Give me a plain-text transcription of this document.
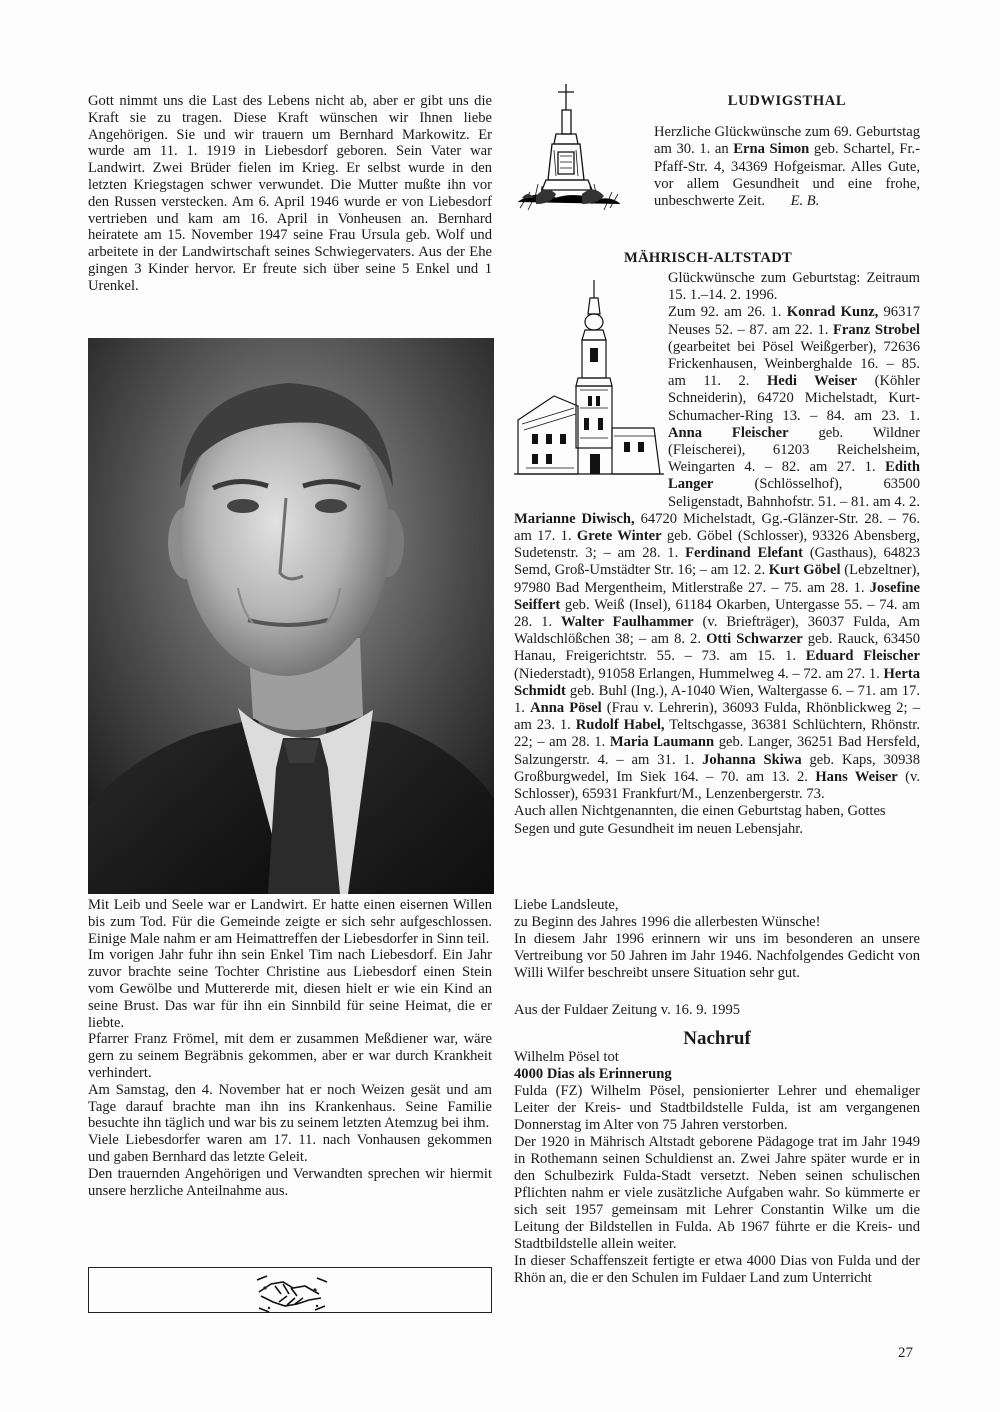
Gott nimmt uns die Last des Lebens nicht ab, aber er gibt uns die Kraft sie zu tragen. Diese Kraft wünschen wir Ihnen liebe Angehörigen. Sie und wir trauern um Bernhard Markowitz. Er wurde am 11. 1. 1919 in Liebesdorf geboren. Sein Vater war Landwirt. Zwei Brüder fielen im Krieg. Er selbst wurde in den letzten Kriegstagen schwer verwundet. Die Mutter mußte ihn vor den Russen verstecken. Am 6. April 1946 wurde er von Liebesdorf vertrieben und kam am 16. April in Vonheusen an. Bernhard heiratete am 15. November 1947 seine Frau Ursula geb. Wolf und arbeitete in der Landwirtschaft seines Schwiegervaters. Aus der Ehe gingen 3 Kinder hervor. Er freute sich über seine 5 Enkel und 1 Urenkel.

Mit Leib und Seele war er Landwirt. Er hatte einen eisernen Willen bis zum Tod. Für die Gemeinde zeigte er sich sehr aufgeschlossen. Einige Male nahm er am Heimattreffen der Liebesdorfer in Sinn teil.

Im vorigen Jahr fuhr ihn sein Enkel Tim nach Liebesdorf. Ein Jahr zuvor brachte seine Tochter Christine aus Liebesdorf einen Stein vom Gewölbe und Muttererde mit, diesen hielt er wie ein Kind an seine Brust. Das war für ihn ein Sinnbild für seine Heimat, die er liebte.

Pfarrer Franz Frömel, mit dem er zusammen Meßdiener war, wäre gern zu seinem Begräbnis gekommen, aber er war durch Krankheit verhindert.

Am Samstag, den 4. November hat er noch Weizen gesät und am Tage darauf brachte man ihn ins Krankenhaus. Seine Familie besuchte ihn täglich und war bis zu seinem letzten Atemzug bei ihm.

Viele Liebesdorfer waren am 17. 11. nach Vonhausen gekommen und gaben Bernhard das letzte Geleit.

Den trauernden Angehörigen und Verwandten sprechen wir hiermit unsere herzliche Anteilnahme aus.

LUDWIGSTHAL

Herzliche Glückwünsche zum 69. Geburtstag am 30. 1. an Erna Simon geb. Schartel, Fr.-Pfaff-Str. 4, 34369 Hofgeismar. Alles Gute, vor allem Gesundheit und eine frohe, unbeschwerte Zeit. E. B.

MÄHRISCH-ALTSTADT

Glückwünsche zum Geburtstag: Zeitraum 15. 1.–14. 2. 1996.

Zum 92. am 26. 1. Konrad Kunz, 96317 Neuses 52. – 87. am 22. 1. Franz Strobel (gearbeitet bei Pösel Weißgerber), 72636 Frickenhausen, Weinberghalde 16. – 85. am 11. 2. Hedi Weiser (Köhler Schneiderin), 64720 Michelstadt, Kurt-Schumacher-Ring 13. – 84. am 23. 1. Anna Fleischer geb. Wildner (Fleischerei), 61203 Reichelsheim, Weingarten 4. – 82. am 27. 1. Edith Langer (Schlösselhof), 63500 Seligenstadt, Bahnhofstr. 51. – 81. am 4. 2. Marianne Diwisch, 64720 Michelstadt, Gg.-Glänzer-Str. 28. – 76. am 17. 1. Grete Winter geb. Göbel (Schlosser), 93326 Abensberg, Sudetenstr. 3; – am 28. 1. Ferdinand Elefant (Gasthaus), 64823 Semd, Groß-Umstädter Str. 16; – am 12. 2. Kurt Göbel (Lebzeltner), 97980 Bad Mergentheim, Mitlerstraße 27. – 75. am 28. 1. Josefine Seiffert geb. Weiß (Insel), 61184 Okarben, Untergasse 55. – 74. am 28. 1. Walter Faulhammer (v. Briefträger), 36037 Fulda, Am Waldschlößchen 38; – am 8. 2. Otti Schwarzer geb. Rauck, 63450 Hanau, Freigerichtstr. 55. – 73. am 15. 1. Eduard Fleischer (Niederstadt), 91058 Erlangen, Hummelweg 4. – 72. am 27. 1. Herta Schmidt geb. Buhl (Ing.), A-1040 Wien, Waltergasse 6. – 71. am 17. 1. Anna Pösel (Frau v. Lehrerin), 36093 Fulda, Rhönblickweg 2; – am 23. 1. Rudolf Habel, Teltschgasse, 36381 Schlüchtern, Rhönstr. 22; – am 28. 1. Maria Laumann geb. Langer, 36251 Bad Hersfeld, Salzungerstr. 4. – am 31. 1. Johanna Skiwa geb. Kaps, 30938 Großburgwedel, Im Siek 164. – 70. am 13. 2. Hans Weiser (v. Schlosser), 65931 Frankfurt/M., Lenzenbergerstr. 73.

Auch allen Nichtgenannten, die einen Geburtstag haben, Gottes Segen und gute Gesundheit im neuen Lebensjahr.

Liebe Landsleute,

zu Beginn des Jahres 1996 die allerbesten Wünsche!

In diesem Jahr 1996 erinnern wir uns im besonderen an unsere Vertreibung vor 50 Jahren im Jahr 1946. Nachfolgendes Gedicht von Willi Wilfer beschreibt unsere Situation sehr gut.

Aus der Fuldaer Zeitung v. 16. 9. 1995

Nachruf

Wilhelm Pösel tot

4000 Dias als Erinnerung

Fulda (FZ) Wilhelm Pösel, pensionierter Lehrer und ehemaliger Leiter der Kreis- und Stadtbildstelle Fulda, ist am vergangenen Donnerstag im Alter von 75 Jahren verstorben.

Der 1920 in Mährisch Altstadt geborene Pädagoge trat im Jahr 1949 in Rothemann seinen Schuldienst an. Zwei Jahre später wurde er in den Schulbezirk Fulda-Stadt versetzt. Neben seinen schulischen Pflichten nahm er viele zusätzliche Aufgaben wahr. So kümmerte er sich seit 1957 gemeinsam mit Lehrer Constantin Wilke um die Leitung der Bildstellen in Fulda. Ab 1967 führte er die Kreis- und Stadtbildstelle allein weiter.

In dieser Schaffenszeit fertigte er etwa 4000 Dias von Fulda und der Rhön an, die er den Schulen im Fuldaer Land zum Unterricht

27
